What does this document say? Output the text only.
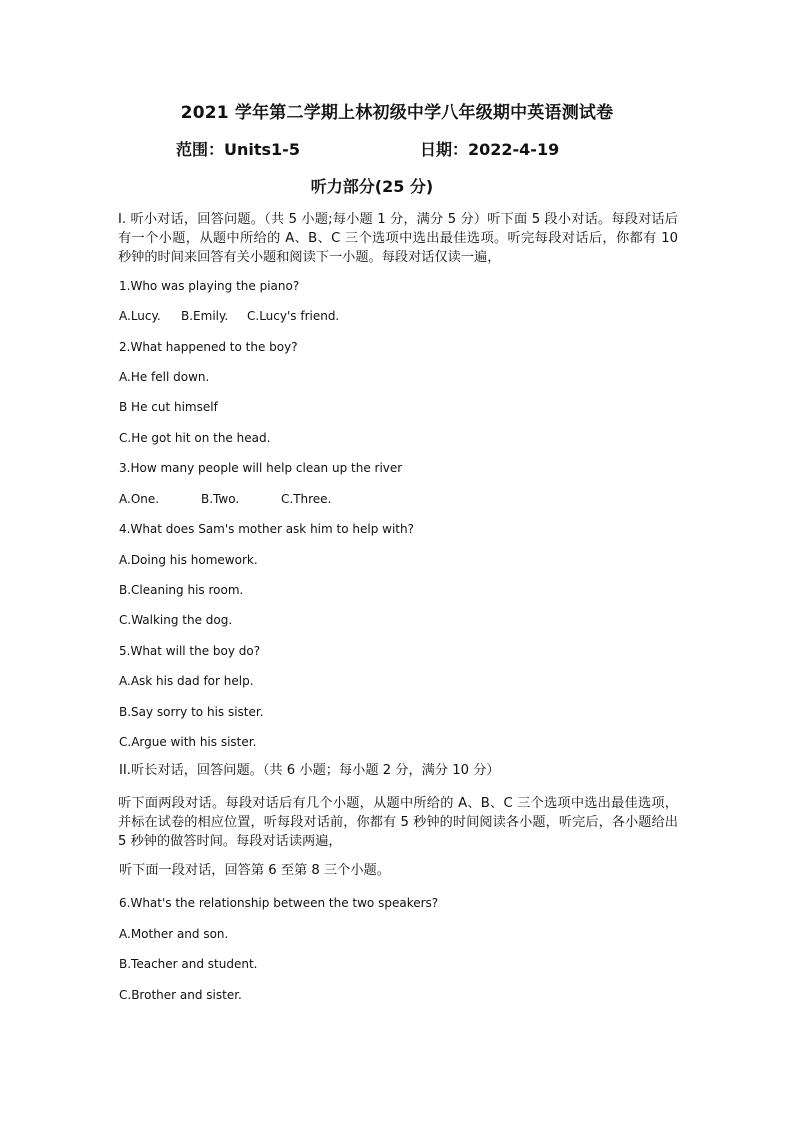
2021 学年第二学期上林初级中学八年级期中英语测试卷
范围：Units1-5	日期：2022-4-19
听力部分(25 分)
I. 听小对话，回答问题。（共 5 小题;每小题 1 分，满分 5 分）听下面 5 段小对话。每段对话后有一个小题，从题中所给的 A、B、C 三个选项中选出最佳选项。听完每段对话后，你都有 10 秒钟的时间来回答有关小题和阅读下一小题。每段对话仅读一遍，
1.Who was playing the piano?
A.Lucy. B.Emily. C.Lucy's friend.
2.What happened to the boy?
A.He fell down.
B He cut himself
C.He got hit on the head.
3.How many people will help clean up the river
A.One.	B.Two.	C.Three.
4.What does Sam's mother ask him to help with?
A.Doing his homework.
B.Cleaning his room.
C.Walking the dog.
5.What will the boy do?
A.Ask his dad for help.
B.Say sorry to his sister.
C.Argue with his sister.
II.听长对话，回答问题。（共 6 小题；每小题 2 分，满分 10 分）
听下面两段对话。每段对话后有几个小题，从题中所给的 A、B、C 三个选项中选出最佳选项，并标在试卷的相应位置，听每段对话前，你都有 5 秒钟的时间阅读各小题，听完后，各小题给出 5 秒钟的做答时间。每段对话读两遍，
听下面一段对话，回答第 6 至第 8 三个小题。
6.What's the relationship between the two speakers?
A.Mother and son.
B.Teacher and student.
C.Brother and sister.
